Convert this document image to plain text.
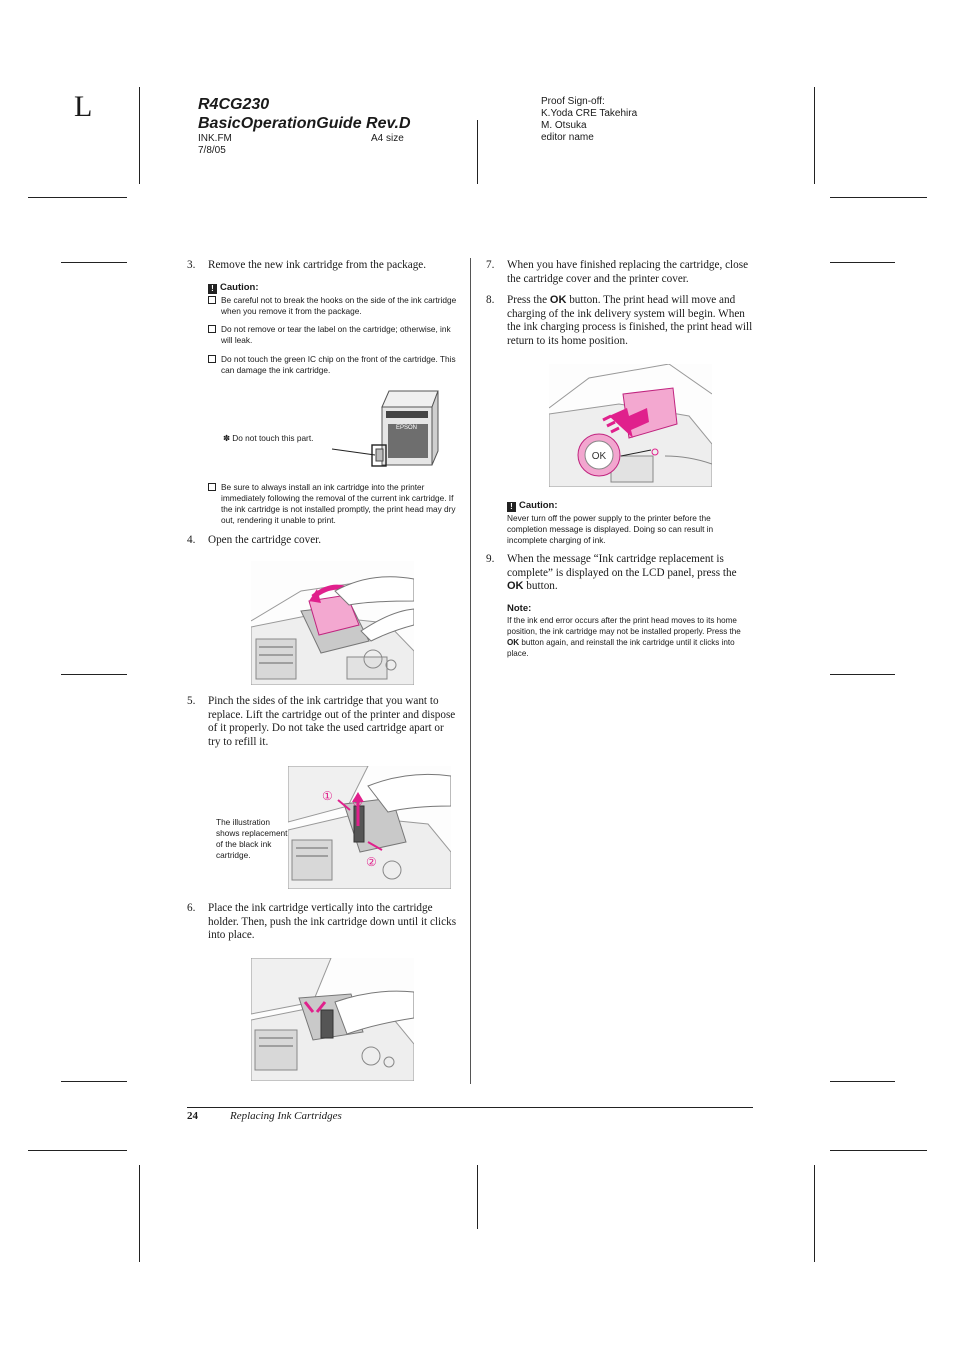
L	R4CG230
BasicOperationGuide Rev.D
INK.FM
7/8/05
A4 size
Proof Sign-off:
K.Yoda CRE Takehira
M. Otsuka
editor name
3. Remove the new ink cartridge from the package.
! Caution:
Be careful not to break the hooks on the side of the ink cartridge when you remove it from the package.
Do not remove or tear the label on the cartridge; otherwise, ink will leak.
Do not touch the green IC chip on the front of the cartridge. This can damage the ink cartridge.
✽ Do not touch this part.
EPSON
Be sure to always install an ink cartridge into the printer immediately following the removal of the current ink cartridge. If the ink cartridge is not installed promptly, the print head may dry out, rendering it unable to print.
4. Open the cartridge cover.
5. Pinch the sides of the ink cartridge that you want to replace. Lift the cartridge out of the printer and dispose of it properly. Do not take the used cartridge apart or try to refill it.
The illustration shows replacement of the black ink cartridge.
①
②
③
6. Place the ink cartridge vertically into the cartridge holder. Then, push the ink cartridge down until it clicks into place.
7. When you have finished replacing the cartridge, close the cartridge cover and the printer cover.
8. Press the OK button. The print head will move and charging of the ink delivery system will begin. When the ink charging process is finished, the print head will return to its home position.
OK
! Caution:
Never turn off the power supply to the printer before the completion message is displayed. Doing so can result in incomplete charging of ink.
9. When the message “Ink cartridge replacement is complete” is displayed on the LCD panel, press the OK button.
Note:
If the ink end error occurs after the print head moves to its home position, the ink cartridge may not be installed properly. Press the OK button again, and reinstall the ink cartridge until it clicks into place.
24	Replacing Ink Cartridges
